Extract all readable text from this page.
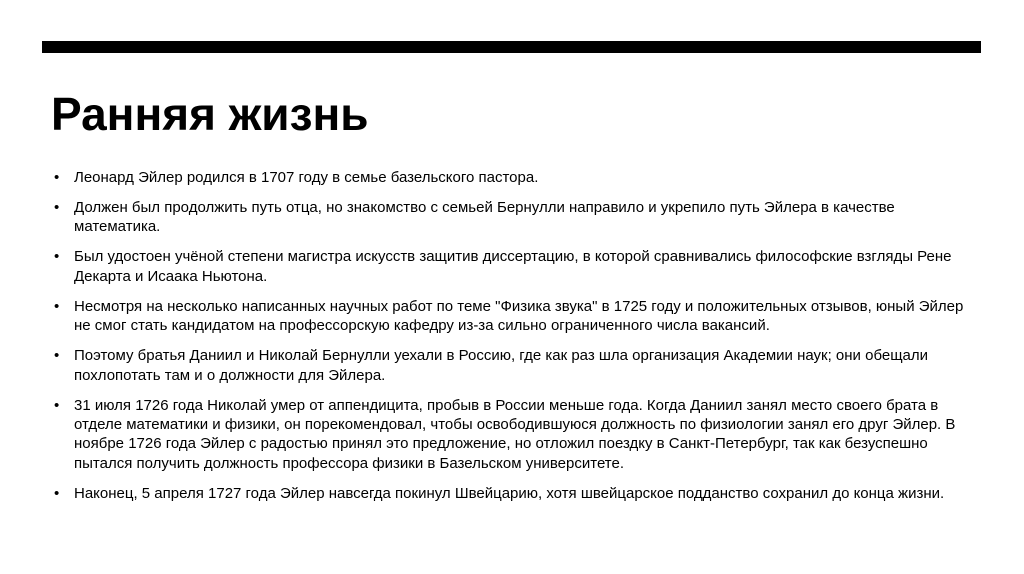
Ранняя жизнь
• Леонард Эйлер родился в 1707 году в семье базельского пастора.
• Должен был продолжить путь отца, но знакомство с семьей Бернулли направило и укрепило путь Эйлера в качестве математика.
• Был удостоен учёной степени магистра искусств защитив диссертацию, в которой сравнивались философские взгляды Рене Декарта и Исаака Ньютона.
• Несмотря на несколько написанных научных работ по теме "Физика звука" в 1725 году и положительных отзывов, юный Эйлер не смог стать кандидатом на профессорскую кафедру из-за сильно ограниченного числа вакансий.
• Поэтому братья Даниил и Николай Бернулли уехали в Россию, где как раз шла организация Академии наук; они обещали похлопотать там и о должности для Эйлера.
• 31 июля 1726 года Николай умер от аппендицита, пробыв в России меньше года. Когда Даниил занял место своего брата в отделе математики и физики, он порекомендовал, чтобы освободившуюся должность по физиологии занял его друг Эйлер. В ноябре 1726 года Эйлер с радостью принял это предложение, но отложил поездку в Санкт-Петербург, так как безуспешно пытался получить должность профессора физики в Базельском университете.
• Наконец, 5 апреля 1727 года Эйлер навсегда покинул Швейцарию, хотя швейцарское подданство сохранил до конца жизни.
